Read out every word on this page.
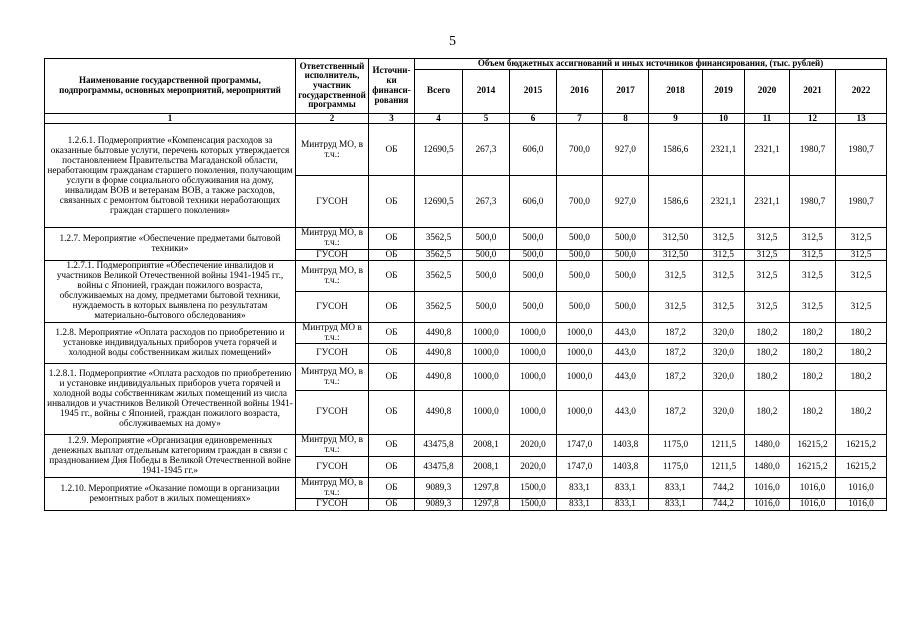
5
Наименование государственной программы, подпрограммы, основных мероприятий, мероприятий	Ответственный исполнитель, участник государственной программы	Источни-ки финанси-рования	Объем бюджетных ассигнований и иных источников финансирования, (тыс. рублей)									
			Всего	2014	2015	2016	2017	2018	2019	2020	2021	2022
1	2	3	4	5	6	7	8	9	10	11	12	13
1.2.6.1. Подмероприятие «Компенсация расходов за оказанные бытовые услуги, перечень которых утверждается постановлением Правительства Магаданской области, неработающим гражданам старшего поколения, получающим услуги в форме социального обслуживания на дому, инвалидам ВОВ и ветеранам ВОВ, а также расходов, связанных с ремонтом бытовой техники неработающих граждан старшего поколения»	Минтруд МО, в т.ч.:	ОБ	12690,5	267,3	606,0	700,0	927,0	1586,6	2321,1	2321,1	1980,7	1980,7
	ГУСОН	ОБ	12690,5	267,3	606,0	700,0	927,0	1586,6	2321,1	2321,1	1980,7	1980,7
1.2.7. Мероприятие «Обеспечение предметами бытовой техники»	Минтруд МО, в т.ч.:	ОБ	3562,5	500,0	500,0	500,0	500,0	312,50	312,5	312,5	312,5	312,5
	ГУСОН	ОБ	3562,5	500,0	500,0	500,0	500,0	312,50	312,5	312,5	312,5	312,5
1.2.7.1. Подмероприятие «Обеспечение инвалидов и участников Великой Отечественной войны 1941-1945 гг., войны с Японией, граждан пожилого возраста, обслуживаемых на дому, предметами бытовой техники, нуждаемость в которых выявлена по результатам материально-бытового обследования»	Минтруд МО, в т.ч.:	ОБ	3562,5	500,0	500,0	500,0	500,0	312,5	312,5	312,5	312,5	312,5
	ГУСОН	ОБ	3562,5	500,0	500,0	500,0	500,0	312,5	312,5	312,5	312,5	312,5
1.2.8. Мероприятие «Оплата расходов по приобретению и установке индивидуальных приборов учета горячей и холодной воды собственникам жилых помещений»	Минтруд МО в т.ч.:	ОБ	4490,8	1000,0	1000,0	1000,0	443,0	187,2	320,0	180,2	180,2	180,2
	ГУСОН	ОБ	4490,8	1000,0	1000,0	1000,0	443,0	187,2	320,0	180,2	180,2	180,2
1.2.8.1. Подмероприятие «Оплата расходов по приобретению и установке индивидуальных приборов учета горячей и холодной воды собственникам жилых помещений из числа инвалидов и участников Великой Отечественной войны 1941-1945 гг., войны с Японией, граждан пожилого возраста, обслуживаемых на дому»	Минтруд МО, в т.ч.:	ОБ	4490,8	1000,0	1000,0	1000,0	443,0	187,2	320,0	180,2	180,2	180,2
	ГУСОН	ОБ	4490,8	1000,0	1000,0	1000,0	443,0	187,2	320,0	180,2	180,2	180,2
1.2.9. Мероприятие «Организация единовременных денежных выплат отдельным категориям граждан в связи с празднованием Дня Победы в Великой Отечественной войне 1941-1945 гг.»	Минтруд МО, в т.ч.:	ОБ	43475,8	2008,1	2020,0	1747,0	1403,8	1175,0	1211,5	1480,0	16215,2	16215,2
	ГУСОН	ОБ	43475,8	2008,1	2020,0	1747,0	1403,8	1175,0	1211,5	1480,0	16215,2	16215,2
1.2.10. Мероприятие «Оказание помощи в организации ремонтных работ в жилых помещениях»	Минтруд МО, в т.ч.:	ОБ	9089,3	1297,8	1500,0	833,1	833,1	833,1	744,2	1016,0	1016,0	1016,0
	ГУСОН	ОБ	9089,3	1297,8	1500,0	833,1	833,1	833,1	744,2	1016,0	1016,0	1016,0
